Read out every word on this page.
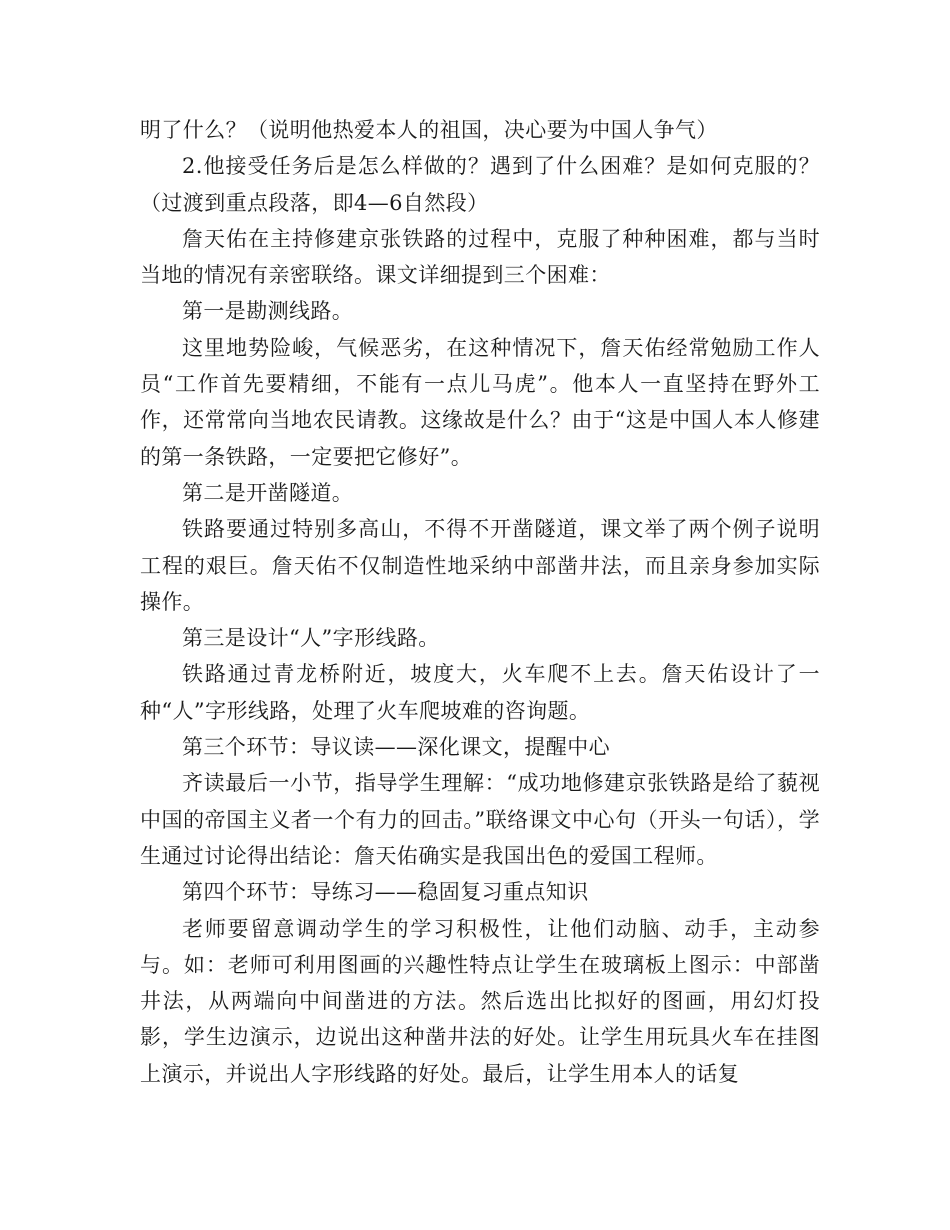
明了什么？（说明他热爱本人的祖国，决心要为中国人争气）

2.他接受任务后是怎么样做的？遇到了什么困难？是如何克服的？（过渡到重点段落，即4—6自然段）

詹天佑在主持修建京张铁路的过程中，克服了种种困难，都与当时当地的情况有亲密联络。课文详细提到三个困难：

第一是勘测线路。

这里地势险峻，气候恶劣，在这种情况下，詹天佑经常勉励工作人员“工作首先要精细，不能有一点儿马虎”。他本人一直坚持在野外工作，还常常向当地农民请教。这缘故是什么？由于“这是中国人本人修建的第一条铁路，一定要把它修好”。

第二是开凿隧道。

铁路要通过特别多高山，不得不开凿隧道，课文举了两个例子说明工程的艰巨。詹天佑不仅制造性地采纳中部凿井法，而且亲身参加实际操作。

第三是设计“人”字形线路。

铁路通过青龙桥附近，坡度大，火车爬不上去。詹天佑设计了一种“人”字形线路，处理了火车爬坡难的咨询题。

第三个环节：导议读——深化课文，提醒中心

齐读最后一小节，指导学生理解：“成功地修建京张铁路是给了藐视中国的帝国主义者一个有力的回击。”联络课文中心句（开头一句话），学生通过讨论得出结论：詹天佑确实是我国出色的爱国工程师。

第四个环节：导练习——稳固复习重点知识

老师要留意调动学生的学习积极性，让他们动脑、动手，主动参与。如：老师可利用图画的兴趣性特点让学生在玻璃板上图示：中部凿井法，从两端向中间凿进的方法。然后选出比拟好的图画，用幻灯投影，学生边演示，边说出这种凿井法的好处。让学生用玩具火车在挂图上演示，并说出人字形线路的好处。最后，让学生用本人的话复
